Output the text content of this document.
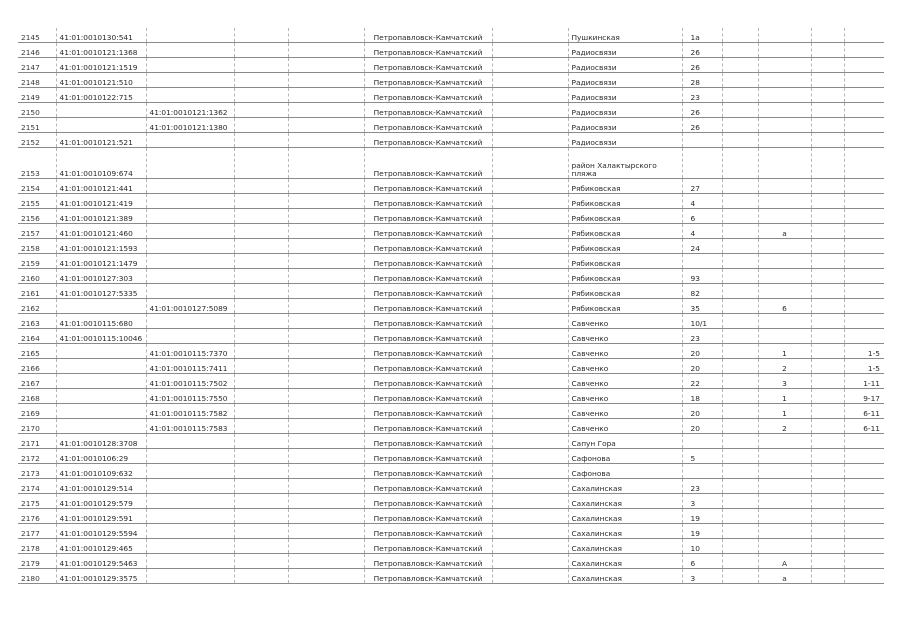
2145	41:01:0010130:541				Петропавловск-Камчатский		Пушкинская	1а				
2146	41:01:0010121:1368				Петропавловск-Камчатский		Радиосвязи	26				
2147	41:01:0010121:1519				Петропавловск-Камчатский		Радиосвязи	26				
2148	41:01:0010121:510				Петропавловск-Камчатский		Радиосвязи	28				
2149	41:01:0010122:715				Петропавловск-Камчатский		Радиосвязи	23				
2150		41:01:0010121:1362			Петропавловск-Камчатский		Радиосвязи	26				
2151		41:01:0010121:1380			Петропавловск-Камчатский		Радиосвязи	26				
2152	41:01:0010121:521				Петропавловск-Камчатский		Радиосвязи					
2153	41:01:0010109:674				Петропавловск-Камчатский		район Халактырского пляжа					
2154	41:01:0010121:441				Петропавловск-Камчатский		Рябиковская	27				
2155	41:01:0010121:419				Петропавловск-Камчатский		Рябиковская	4				
2156	41:01:0010121:389				Петропавловск-Камчатский		Рябиковская	6				
2157	41:01:0010121:460				Петропавловск-Камчатский		Рябиковская	4		а		
2158	41:01:0010121:1593				Петропавловск-Камчатский		Рябиковская	24				
2159	41:01:0010121:1479				Петропавловск-Камчатский		Рябиковская					
2160	41:01:0010127:303				Петропавловск-Камчатский		Рябиковская	93				
2161	41:01:0010127:5335				Петропавловск-Камчатский		Рябиковская	82				
2162		41:01:0010127:5089			Петропавловск-Камчатский		Рябиковская	35		6		
2163	41:01:0010115:680				Петропавловск-Камчатский		Савченко	10/1				
2164	41:01:0010115:10046				Петропавловск-Камчатский		Савченко	23				
2165		41:01:0010115:7370			Петропавловск-Камчатский		Савченко	20		1		1-5
2166		41:01:0010115:7411			Петропавловск-Камчатский		Савченко	20		2		1-5
2167		41:01:0010115:7502			Петропавловск-Камчатский		Савченко	22		3		1-11
2168		41:01:0010115:7550			Петропавловск-Камчатский		Савченко	18		1		9-17
2169		41:01:0010115:7582			Петропавловск-Камчатский		Савченко	20		1		6-11
2170		41:01:0010115:7583			Петропавловск-Камчатский		Савченко	20		2		6-11
2171	41:01:0010128:3708				Петропавловск-Камчатский		Сапун Гора					
2172	41:01:0010106:29				Петропавловск-Камчатский		Сафонова	5				
2173	41:01:0010109:632				Петропавловск-Камчатский		Сафонова					
2174	41:01:0010129:514				Петропавловск-Камчатский		Сахалинская	23				
2175	41:01:0010129:579				Петропавловск-Камчатский		Сахалинская	3				
2176	41:01:0010129:591				Петропавловск-Камчатский		Сахалинская	19				
2177	41:01:0010129:5594				Петропавловск-Камчатский		Сахалинская	19				
2178	41:01:0010129:465				Петропавловск-Камчатский		Сахалинская	10				
2179	41:01:0010129:5463				Петропавловск-Камчатский		Сахалинская	6		А		
2180	41:01:0010129:3575				Петропавловск-Камчатский		Сахалинская	3		а		
